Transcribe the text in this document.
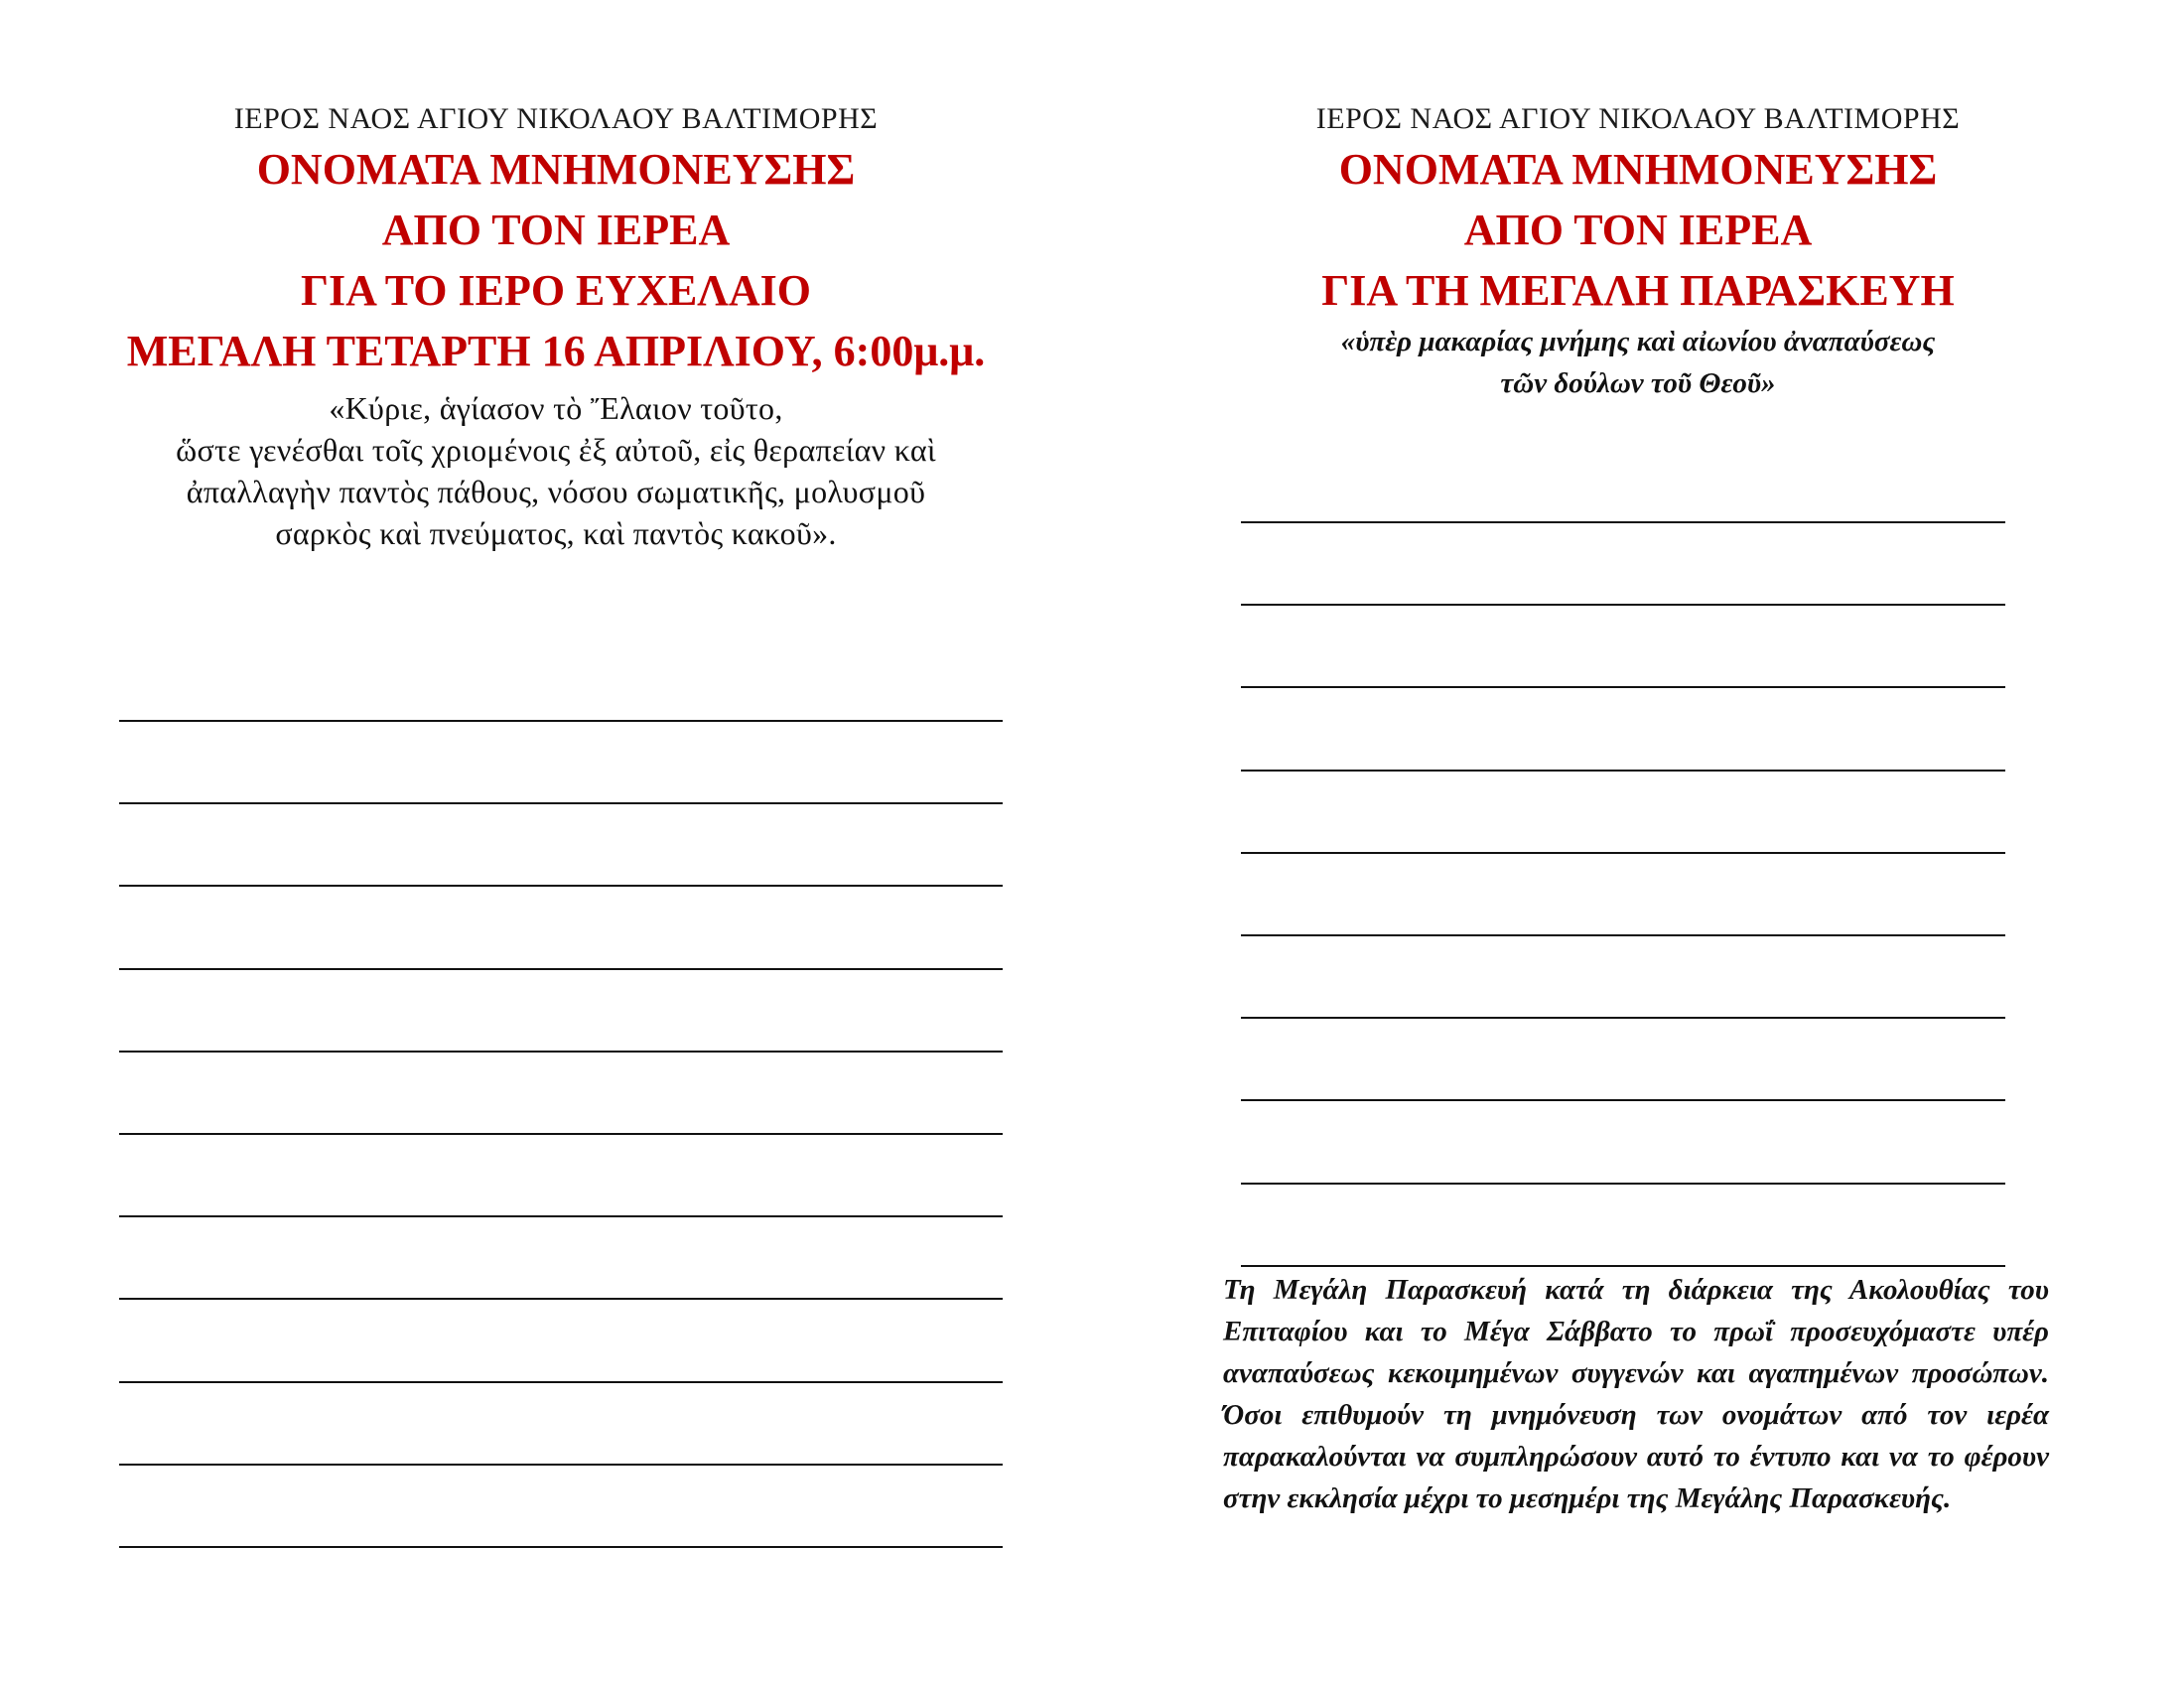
ΙΕΡΟΣ ΝΑΟΣ ΑΓΙΟΥ ΝΙΚΟΛΑΟΥ ΒΑΛΤΙΜΟΡΗΣ

ΟΝΟΜΑΤΑ ΜΝΗΜΟΝΕΥΣΗΣ

ΑΠΟ ΤΟΝ ΙΕΡΕΑ

ΓΙΑ ΤΟ ΙΕΡΟ ΕΥΧΕΛΑΙΟ

ΜΕΓΑΛΗ ΤΕΤΑΡΤΗ 16 ΑΠΡΙΛΙΟΥ, 6:00μ.μ.

«Κύριε, ἁγίασον τὸ Ἔλαιον τοῦτο,
ὥστε γενέσθαι τοῖς χριομένοις ἐξ αὐτοῦ, εἰς θεραπείαν καὶ
ἀπαλλαγὴν παντὸς πάθους, νόσου σωματικῆς, μολυσμοῦ
σαρκὸς καὶ πνεύματος, καὶ παντὸς κακοῦ».

ΙΕΡΟΣ ΝΑΟΣ ΑΓΙΟΥ ΝΙΚΟΛΑΟΥ ΒΑΛΤΙΜΟΡΗΣ

ΟΝΟΜΑΤΑ ΜΝΗΜΟΝΕΥΣΗΣ

ΑΠΟ ΤΟΝ ΙΕΡΕΑ

ΓΙΑ ΤΗ ΜΕΓΑΛΗ ΠΑΡΑΣΚΕΥΗ

«ὑπὲρ μακαρίας μνήμης καὶ αἰωνίου ἀναπαύσεως
τῶν δούλων τοῦ Θεοῦ»
Τη Μεγάλη Παρασκευή κατά τη διάρκεια της Ακολουθίας του Επιταφίου και το Μέγα Σάββατο το πρωΐ προσευχόμαστε υπέρ αναπαύσεως κεκοιμημένων συγγενών και αγαπημένων προσώπων. Όσοι επιθυμούν τη μνημόνευση των ονομάτων από τον ιερέα παρακαλούνται να συμπληρώσουν αυτό το έντυπο και να το φέρουν στην εκκλησία μέχρι το μεσημέρι της Μεγάλης Παρασκευής.
